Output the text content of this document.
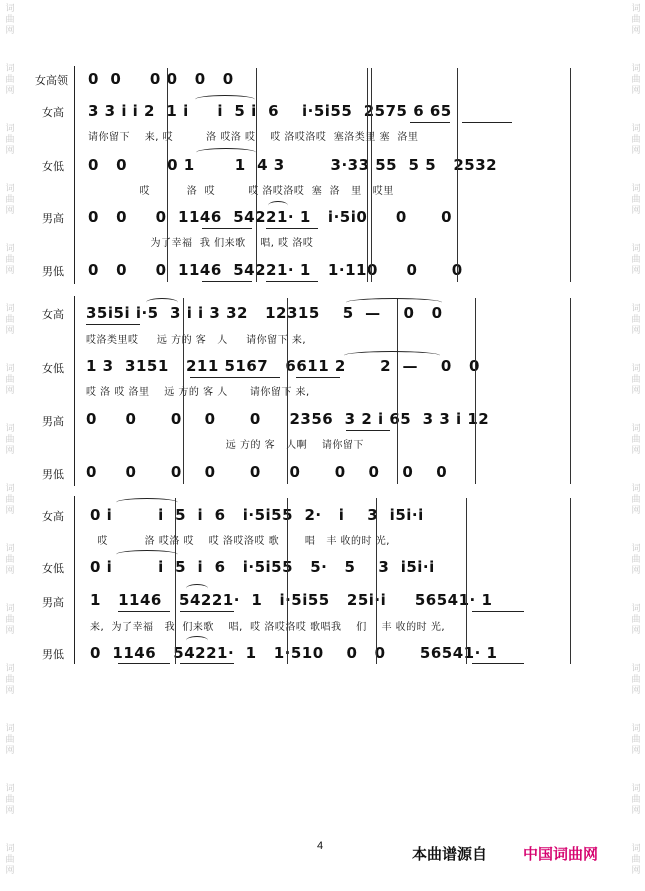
词
曲
网
词
曲
网
词
曲
网
词
曲
网
词
曲
网
词
曲
网
词
曲
网
词
曲
网
词
曲
网
词
曲
网
词
曲
网
词
曲
网
词
曲
网
词
曲
网
词
曲
网
词
曲
网
词
曲
网
词
曲
网
词
曲
网
词
曲
网
词
曲
网
词
曲
网
词
曲
网
词
曲
网
词
曲
网
词
曲
网
词
曲
网
词
曲
网
词
曲
网
词
曲
网
女高领 0  0     0 0   0   0
女高 3 3 i i 2  1 i     i  5 i  6    i·5i55  2575 6 65
请你留下    来, 哎         洛 哎洛 哎    哎 洛哎洛哎  塞洛类里 塞  洛里
女低 0   0       0 1       1  4 3        3·33 55  5 5   2532
哎          洛  哎         哎 洛哎洛哎  塞  洛   里   哎里
男高 0   0     0  1146  54221· 1   i·5i0     0      0
为了幸福  我 们来歌    唱, 哎 洛哎
男低 0   0     0  1146  54221· 1   1·110     0      0
女高 35i5i i·5  3 i i 3 32   12315    5  —    0   0
哎洛类里哎     远 方的 客   人     请你留下 来,
女低 1 3  3151   211 5167   6611 2      2  —    0   0
哎 洛 哎 洛里    远 方的 客 人      请你留下 来,
男高 0     0      0    0      0     2356  3 2 i 65  3 3 i 12
远 方的 客   人啊    请你留下
男低 0     0      0    0      0     0      0    0    0    0
女高 0 i        i  5  i  6   i·5i55  2·   i    3  i5i·i
哎          洛 哎洛 哎    哎 洛哎洛哎 歌       唱   丰 收的时 光,
女低 0 i        i  5  i  6   i·5i55   5·   5    3  i5i·i
男高 1   1146   54221·  1   i·5i55   25i·i     56541· 1
来,  为了幸福   我  们来歌    唱,  哎 洛哎洛哎 歌唱我    们    丰 收的时 光,
男低 0  1146   54221·  1   1·510    0   0      56541· 1
4	本曲谱源自 中国词曲网
